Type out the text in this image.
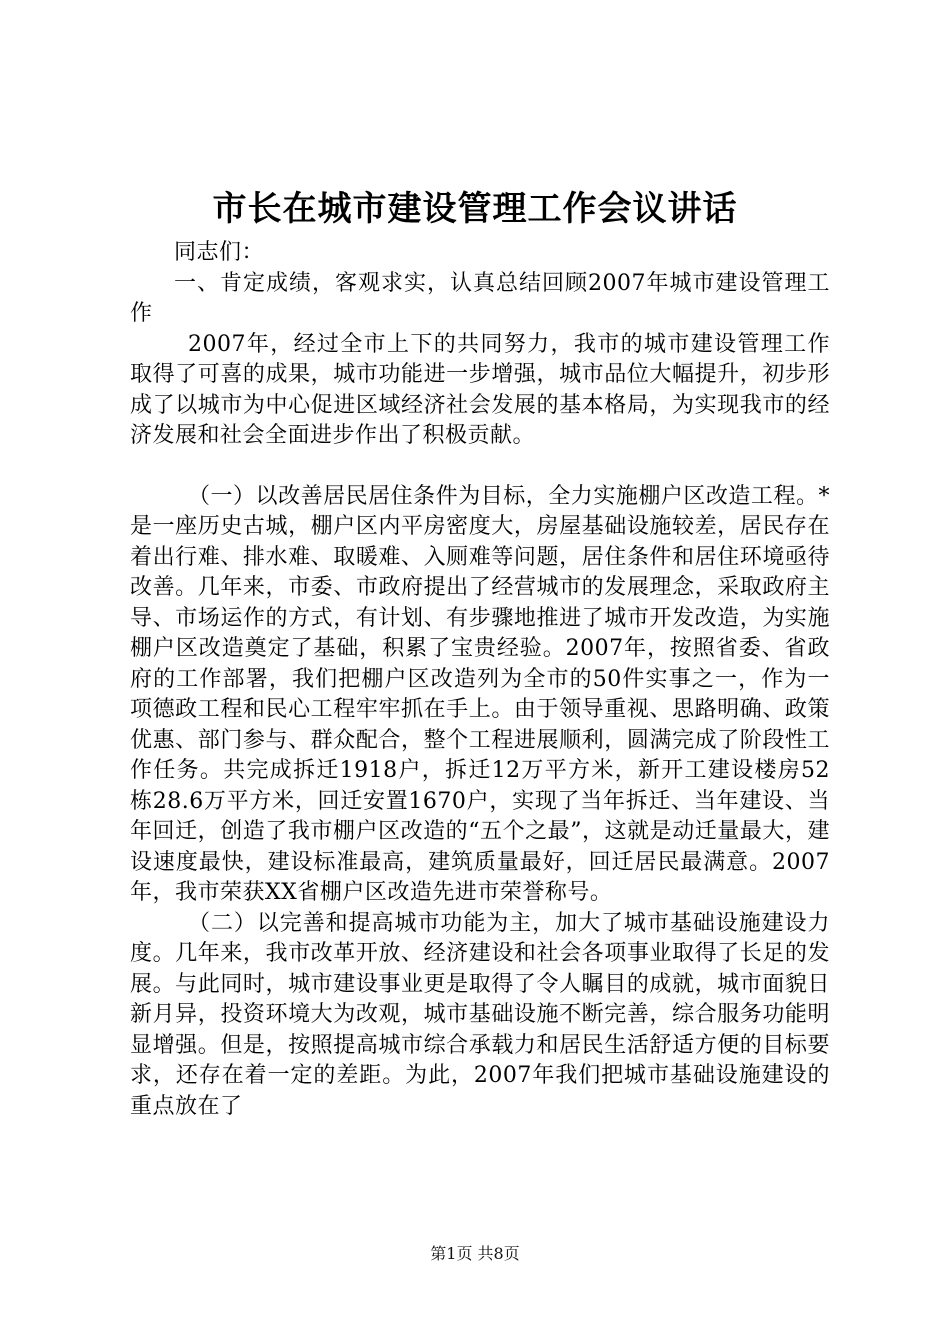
市长在城市建设管理工作会议讲话

同志们：

一、肯定成绩，客观求实，认真总结回顾2007年城市建设管理工作

2007年，经过全市上下的共同努力，我市的城市建设管理工作取得了可喜的成果，城市功能进一步增强，城市品位大幅提升，初步形成了以城市为中心促进区域经济社会发展的基本格局，为实现我市的经济发展和社会全面进步作出了积极贡献。

（一）以改善居民居住条件为目标，全力实施棚户区改造工程。*是一座历史古城，棚户区内平房密度大，房屋基础设施较差，居民存在着出行难、排水难、取暖难、入厕难等问题，居住条件和居住环境亟待改善。几年来，市委、市政府提出了经营城市的发展理念，采取政府主导、市场运作的方式，有计划、有步骤地推进了城市开发改造，为实施棚户区改造奠定了基础，积累了宝贵经验。2007年，按照省委、省政府的工作部署，我们把棚户区改造列为全市的50件实事之一，作为一项德政工程和民心工程牢牢抓在手上。由于领导重视、思路明确、政策优惠、部门参与、群众配合，整个工程进展顺利，圆满完成了阶段性工作任务。共完成拆迁1918户，拆迁12万平方米，新开工建设楼房52栋28.6万平方米，回迁安置1670户，实现了当年拆迁、当年建设、当年回迁，创造了我市棚户区改造的“五个之最”，这就是动迁量最大，建设速度最快，建设标准最高，建筑质量最好，回迁居民最满意。2007年，我市荣获XX省棚户区改造先进市荣誉称号。

（二）以完善和提高城市功能为主，加大了城市基础设施建设力度。几年来，我市改革开放、经济建设和社会各项事业取得了长足的发展。与此同时，城市建设事业更是取得了令人瞩目的成就，城市面貌日新月异，投资环境大为改观，城市基础设施不断完善，综合服务功能明显增强。但是，按照提高城市综合承载力和居民生活舒适方便的目标要求，还存在着一定的差距。为此，2007年我们把城市基础设施建设的重点放在了

第1页 共8页
